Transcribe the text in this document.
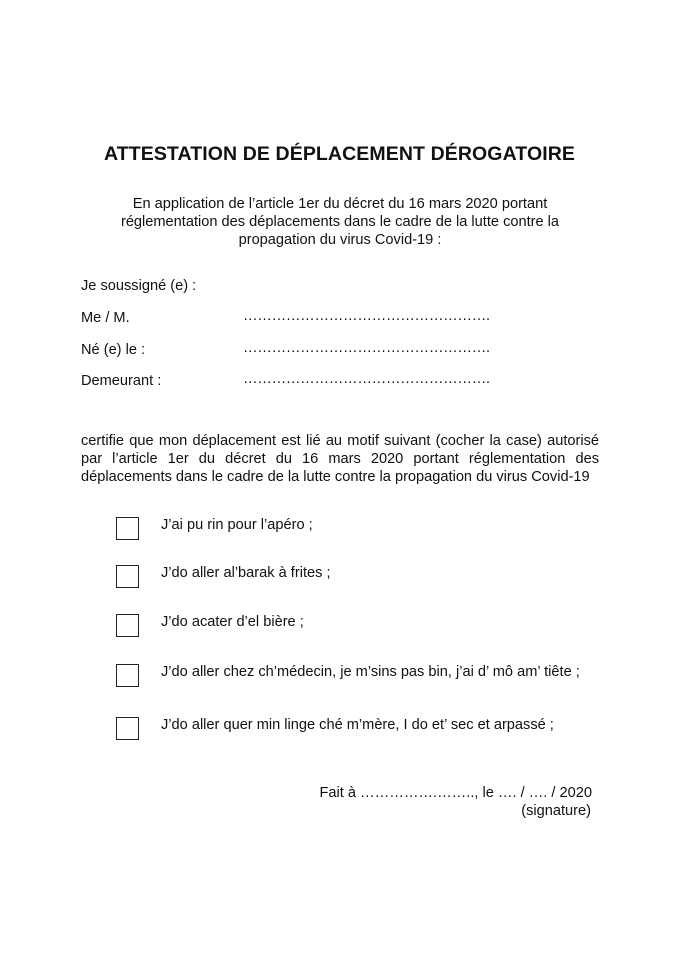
ATTESTATION DE DÉPLACEMENT DÉROGATOIRE
En application de l’article 1er du décret du 16 mars 2020 portant
réglementation des déplacements dans le cadre de la lutte contre la
propagation du virus Covid-19 :
Je soussigné (e) :
Me / M.	…………………………………………….
Né (e) le :	…………………………………………….
Demeurant :	…………………………………………….
certifie que mon déplacement est lié au motif suivant (cocher la case) autorisé
par l’article 1er du décret du 16 mars 2020 portant réglementation des
déplacements dans le cadre de la lutte contre la propagation du virus Covid-19
J’ai pu rin pour l’apéro ;
J’do aller al’barak à frites ;
J’do acater d’el bière ;
J’do aller chez ch’médecin, je m’sins pas bin, j’ai d’ mô am’ tiête ;
J’do aller quer min linge ché m’mère, I do et’ sec et arpassé ;
Fait à …………….…….., le …. / …. / 2020
(signature)
